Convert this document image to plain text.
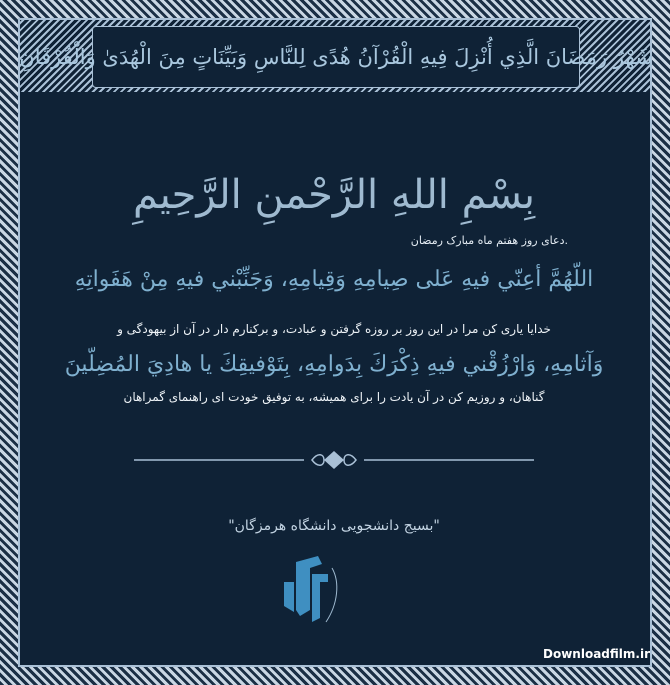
شَهْرُ رَمَضَانَ الَّذِي أُنْزِلَ فِيهِ الْقُرْآنُ هُدًى لِلنَّاسِ وَبَيِّنَاتٍ مِنَ الْهُدَىٰ وَالْفُرْقَانِ
بِسْمِ اللهِ الرَّحْمنِ الرَّحِيمِ
.دعای روز هفتم ماه مبارک رمضان
اللّهُمَّ أعِنّي فيهِ عَلى صِيامِهِ وَقِيامِهِ، وَجَنِّبْني فيهِ مِنْ هَفَواتِهِ
خدایا یاری کن مرا در این روز بر روزه گرفتن و عبادت، و برکنارم دار در آن از بیهودگی و
وَآثامِهِ، وَارْزُقْني فيهِ ذِكْرَكَ بِدَوامِهِ، بِتَوْفيقِكَ يا هادِيَ المُضِلّينَ
گناهان، و روزیم کن در آن یادت را برای همیشه، به توفیق خودت ای راهنمای گمراهان
"بسیج دانشجویی دانشگاه هرمزگان"
Downloadfilm.ir
